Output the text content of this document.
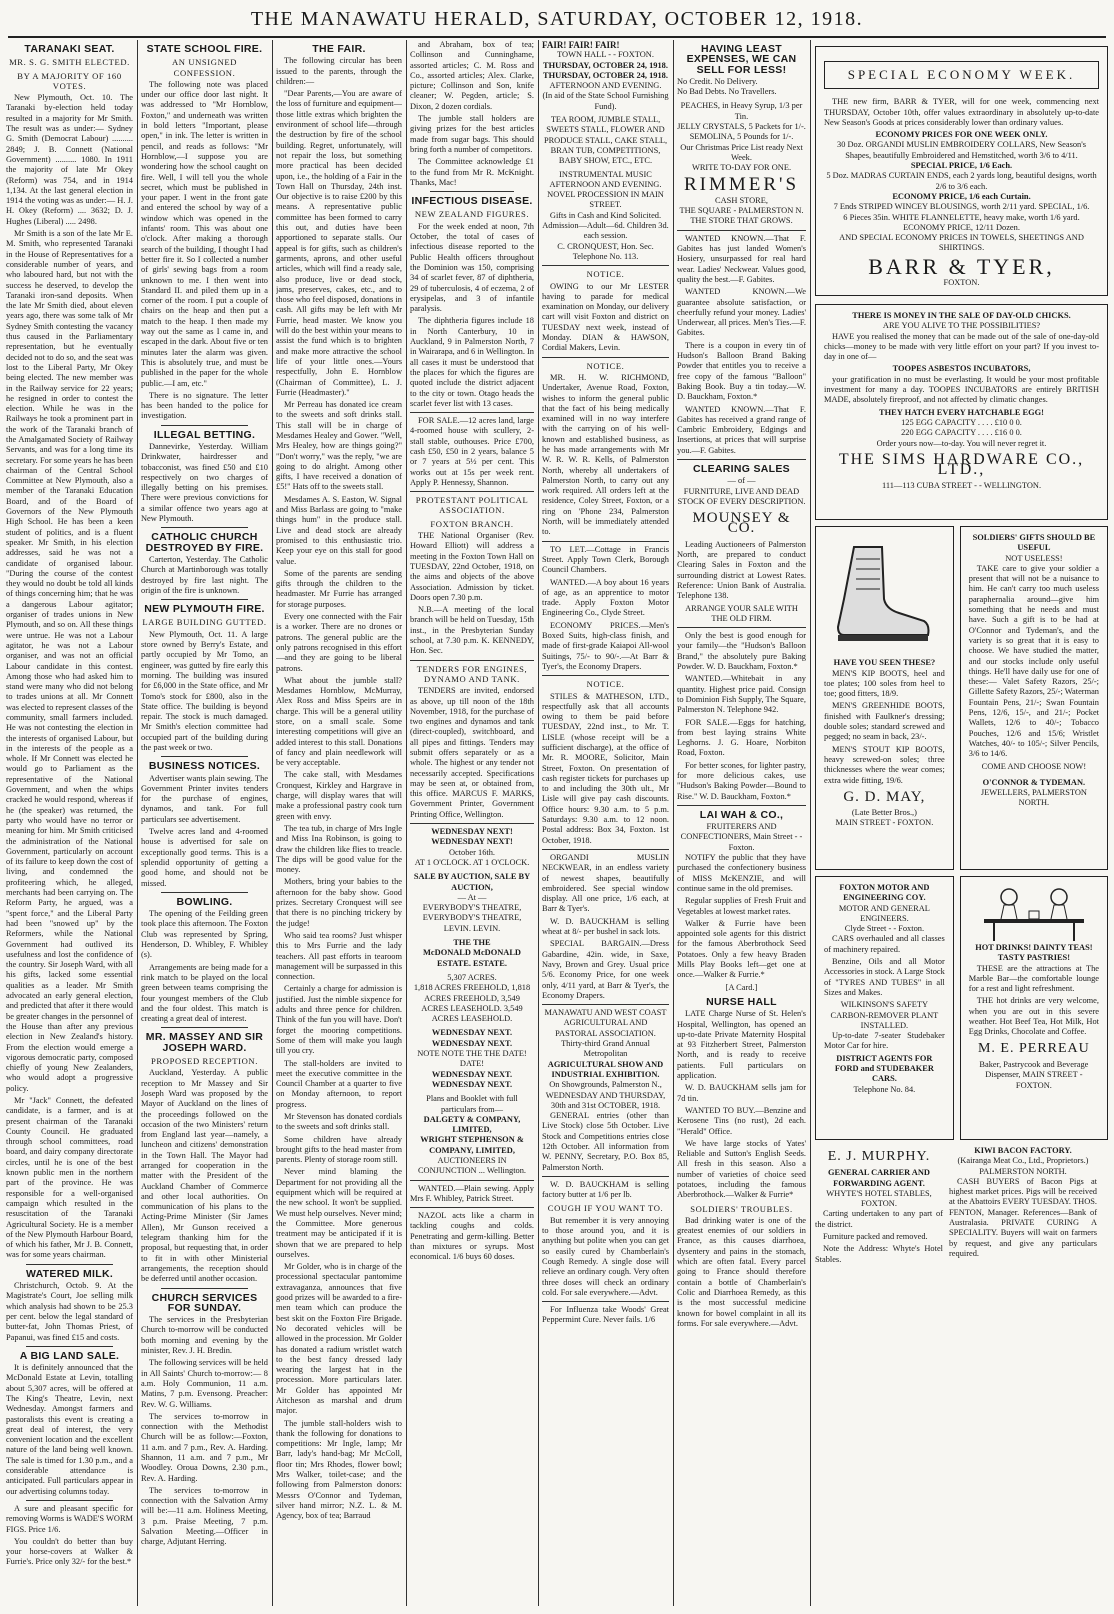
THE MANAWATU HERALD, SATURDAY, OCTOBER 12, 1918.
TARANAKI SEAT.
MR. S. G. SMITH ELECTED.
BY A MAJORITY OF 160 VOTES.

New Plymouth, Oct. 10. The Taranaki by-election held today resulted in a majority for Mr Smith. The result was as under:— Sydney G. Smith (Democrat Labour) .......... 2849; J. B. Connett (National Government) .......... 1080. In 1911 the majority of late Mr Okey (Reform) was 754, and in 1914 1,134. At the last general election in 1914 the voting was as under:— H. J. H. Okey (Reform) .... 3632; D. J. Hughes (Liberal) ..... 2498.

Mr Smith is a son of the late Mr E. M. Smith, who represented Taranaki in the House of Representatives for a considerable number of years, and who laboured hard, but not with the success he deserved, to develop the Taranaki iron-sand deposits. When the late Mr Smith died, about eleven years ago, there was some talk of Mr Sydney Smith contesting the vacancy thus caused in the Parliamentary representation, but he eventually decided not to do so, and the seat was lost to the Liberal Party, Mr Okey being elected. The new member was in the Railway service for 22 years; he resigned in order to contest the election. While he was in the Railways he took a prominent part in the work of the Taranaki branch of the Amalgamated Society of Railway Servants, and was for a long time its secretary. For some years he has been chairman of the Central School Committee at New Plymouth, also a member of the Taranaki Education Board, and of the Board of Governors of the New Plymouth High School. He has been a keen student of politics, and is a fluent speaker. Mr Smith, in his election addresses, said he was not a candidate of organised labour. "During the course of the contest they would no doubt be told all kinds of things concerning him; that he was a dangerous Labour agitator; organiser of trades unions in New Plymouth, and so on. All these things were untrue. He was not a Labour agitator, he was not a Labour organiser, and was not an official Labour candidate in this contest. Among those who had asked him to stand were many who did not belong to trades unions at all. Mr Connett was elected to represent classes of the community, small farmers included. He was not contesting the election in the interests of organised Labour, but in the interests of the people as a whole. If Mr Connett was elected he would go to Parliament as the representative of the National Government, and when the whips cracked he would respond, whereas if he (the speaker) was returned, the party who would have no terror or meaning for him. Mr Smith criticised the administration of the National Government, particularly on account of its failure to keep down the cost of living, and condemned the profiteering which, he alleged, merchants had been carrying on. The Reform Party, he argued, was a "spent force," and the Liberal Party had been "snowed up" by the Reformers, while the National Government had outlived its usefulness and lost the confidence of the country. Sir Joseph Ward, with all his gifts, lacked some essential qualities as a leader. Mr Smith advocated an early general election, and predicted that after it there would be greater changes in the personnel of the House than after any previous election in New Zealand's history. From the election would emerge a vigorous democratic party, composed chiefly of young New Zealanders, who would adopt a progressive policy.

Mr "Jack" Connett, the defeated candidate, is a farmer, and is at present chairman of the Taranaki County Council. He graduated through school committees, road board, and dairy company directorate circles, until he is one of the best known public men in the northern part of the province. He was responsible for a well-organised campaign which resulted in the resuscitation of the Taranaki Agricultural Society. He is a member of the New Plymouth Harbour Board, of which his father, Mr J. B. Connett, was for some years chairman.

WATERED MILK.

Christchurch, Octob. 9. At the Magistrate's Court, Joe selling milk which analysis had shown to be 25.3 per cent. below the legal standard of butter-fat, John Thomas Priest, of Papanui, was fined £15 and costs.

A BIG LAND SALE.

It is definitely announced that the McDonald Estate at Levin, totalling about 5,307 acres, will be offered at The King's Theatre, Levin, next Wednesday. Amongst farmers and pastoralists this event is creating a great deal of interest, the very convenient location and the excellent nature of the land being well known. The sale is timed for 1.30 p.m., and a considerable attendance is anticipated. Full particulars appear in our advertising columns today.

A sure and pleasant specific for removing Worms is WADE'S WORM FIGS. Price 1/6.

You couldn't do better than buy your horse-covers at Walker & Furrie's. Price only 32/- for the best.*

STATE SCHOOL FIRE.
AN UNSIGNED CONFESSION.

The following note was placed under our office door last night. It was addressed to "Mr Hornblow, Foxton," and underneath was written in bold letters "Important, please open," in ink. The letter is written in pencil, and reads as follows: "Mr Hornblow,—I suppose you are wondering how the school caught on fire. Well, I will tell you the whole secret, which must be published in your paper. I went in the front gate and entered the school by way of a window which was opened in the infants' room. This was about one o'clock. After making a thorough search of the building, I thought I had better fire it. So I collected a number of girls' sewing bags from a room unknown to me. I then went into Standard II. and piled them up in a corner of the room. I put a couple of chairs on the heap and then put a match to the heap. I then made my way out the same as I came in, and escaped in the dark. About five or ten minutes later the alarm was given. This is absolutely true, and must be published in the paper for the whole public.—I am, etc."

There is no signature. The letter has been handed to the police for investigation.

ILLEGAL BETTING.

Dannevirke, Yesterday. William Drinkwater, hairdresser and tobacconist, was fined £50 and £10 respectively on two charges of illegally betting on his premises. There were previous convictions for a similar offence two years ago at New Plymouth.

CATHOLIC CHURCH DESTROYED BY FIRE.

Carterton, Yesterday. The Catholic Church at Martinborough was totally destroyed by fire last night. The origin of the fire is unknown.

NEW PLYMOUTH FIRE.
LARGE BUILDING GUTTED.

New Plymouth, Oct. 11. A large store owned by Berry's Estate, and partly occupied by Mr Tomo, an engineer, was gutted by fire early this morning. The building was insured for £6,000 in the State office, and Mr Tomo's stock for £800, also in the State office. The building is beyond repair. The stock is much damaged. Mr Smith's election committee had occupied part of the building during the past week or two.

BUSINESS NOTICES.

Advertiser wants plain sewing. The Government Printer invites tenders for the purchase of engines, dynamos, and tank. For full particulars see advertisement.

Twelve acres land and 4-roomed house is advertised for sale on exceptionally good terms. This is a splendid opportunity of getting a good home, and should not be missed.

BOWLING.

The opening of the Feilding green took place this afternoon. The Foxton Club was represented by Spring, Henderson, D. Whibley, F. Whibley (s).

Arrangements are being made for a rink match to be played on the local green between teams comprising the four youngest members of the Club and the four oldest. This match is creating a great deal of interest.

MR. MASSEY AND SIR JOSEPH WARD.
PROPOSED RECEPTION.

Auckland, Yesterday. A public reception to Mr Massey and Sir Joseph Ward was proposed by the Mayor of Auckland on the lines of the proceedings followed on the occasion of the two Ministers' return from England last year—namely, a luncheon and citizens' demonstration in the Town Hall. The Mayor had arranged for cooperation in the matter with the President of the Auckland Chamber of Commerce and other local authorities. On communication of his plans to the Acting-Prime Minister (Sir James Allen), Mr Gunson received a telegram thanking him for the proposal, but requesting that, in order to fit in with other Ministerial arrangements, the reception should be deferred until another occasion.

CHURCH SERVICES FOR SUNDAY.

The services in the Presbyterian Church to-morrow will be conducted both morning and evening by the minister, Rev. J. H. Bredin.

The following services will be held in All Saints' Church to-morrow:— 8 a.m. Holy Communion, 11 a.m. Matins, 7 p.m. Evensong. Preacher: Rev. W. G. Williams.

The services to-morrow in connection with the Methodist Church will be as follow:—Foxton, 11 a.m. and 7 p.m., Rev. A. Harding. Shannon, 11 a.m. and 7 p.m., Mr Woodley. Oroua Downs, 2.30 p.m., Rev. A. Harding.

The services to-morrow in connection with the Salvation Army will be:—11 a.m. Holiness Meeting, 3 p.m. Praise Meeting, 7 p.m. Salvation Meeting.—Officer in charge, Adjutant Herring.

THE FAIR.

The following circular has been issued to the parents, through the children:—

"Dear Parents,—You are aware of the loss of furniture and equipment—those little extras which brighten the environment of school life—through the destruction by fire of the school building. Regret, unfortunately, will not repair the loss, but something more practical has been decided upon, i.e., the holding of a Fair in the Town Hall on Thursday, 24th inst. Our objective is to raise £200 by this means. A representative public committee has been formed to carry this out, and duties have been apportioned to separate stalls. Our appeal is for gifts, such as children's garments, aprons, and other useful articles, which will find a ready sale, also produce, live or dead stock, jams, preserves, cakes, etc., and to those who feel disposed, donations in cash. All gifts may be left with Mr Furrie, head master. We know you will do the best within your means to assist the fund which is to brighten and make more attractive the school life of your little ones.—Yours respectfully, John E. Hornblow (Chairman of Committee), L. J. Furrie (Headmaster)."

Mr Perreau has donated ice cream to the sweets and soft drinks stall. This stall will be in charge of Mesdames Healey and Gower. "Well, Mrs Healey, how are things going?" "Don't worry," was the reply, "we are going to do alright. Among other gifts, I have received a donation of £5!" Hats off to the sweets stall.

Mesdames A. S. Easton, W. Signal and Miss Barlass are going to "make things hum" in the produce stall. Live and dead stock are already promised to this enthusiastic trio. Keep your eye on this stall for good value.

Some of the parents are sending gifts through the children to the headmaster. Mr Furrie has arranged for storage purposes.

Every one connected with the Fair is a worker. There are no drones or patrons. The general public are the only patrons recognised in this effort—and they are going to be liberal patrons.

What about the jumble stall? Mesdames Hornblow, McMurray, Alex Ross and Miss Speirs are in charge. This will be a general utility store, on a small scale. Some interesting competitions will give an added interest to this stall. Donations of fancy and plain needlework will be very acceptable.

The cake stall, with Mesdames Cronquest, Kirkley and Hargrave in charge, will display wares that will make a professional pastry cook turn green with envy.

The tea tub, in charge of Mrs Ingle and Miss Ina Robinson, is going to draw the children like flies to treacle. The dips will be good value for the money.

Mothers, bring your babies to the afternoon for the baby show. Good prizes. Secretary Cronquest will see that there is no pinching trickery by the judge!

Who said tea rooms? Just whisper this to Mrs Furrie and the lady teachers. All past efforts in tearoom management will be surpassed in this connection.

Certainly a charge for admission is justified. Just the nimble sixpence for adults and three pence for children. Think of the fun you will have. Don't forget the mooring competitions. Some of them will make you laugh till you cry.

The stall-holders are invited to meet the executive committee in the Council Chamber at a quarter to five on Monday afternoon, to report progress.

Mr Stevenson has donated cordials to the sweets and soft drinks stall.

Some children have already brought gifts to the head master from parents. Plenty of storage room still.

Never mind blaming the Department for not providing all the equipment which will be required at the new school. It won't be supplied. We must help ourselves. Never mind; the Committee. More generous treatment may be anticipated if it is shown that we are prepared to help ourselves.

Mr Golder, who is in charge of the processional spectacular pantomime extravaganza, announces that five good prizes will be awarded to a fire-men team which can produce the best skit on the Foxton Fire Brigade. No decorated vehicles will be allowed in the procession. Mr Golder has donated a radium wristlet watch to the best fancy dressed lady wearing the largest hat in the procession. More particulars later. Mr Golder has appointed Mr Aitcheson as marshal and drum major.

The jumble stall-holders wish to thank the following for donations to competitions: Mr Ingle, lamp; Mr Barr, lady's hand-bag; Mr McColl, floor tin; Mrs Rhodes, flower bowl; Mrs Walker, toilet-case; and the following from Palmerston donors: Messrs O'Connor and Tydeman, silver hand mirror; N.Z. L. & M. Agency, box of tea; Barraud

and Abraham, box of tea; Collinson and Cunninghame, assorted articles; C. M. Ross and Co., assorted articles; Alex. Clarke, picture; Collinson and Son, knife cleaner; W. Pegden, article; S. Dixon, 2 dozen cordials.

The jumble stall holders are giving prizes for the best articles made from sugar bags. This should bring forth a number of competitors.

The Committee acknowledge £1 to the fund from Mr R. McKnight. Thanks, Mac!

INFECTIOUS DISEASE.
NEW ZEALAND FIGURES.

For the week ended at noon, 7th October, the total of cases of infectious disease reported to the Public Health officers throughout the Dominion was 150, comprising 34 of scarlet fever, 87 of diphtheria, 29 of tuberculosis, 4 of eczema, 2 of erysipelas, and 3 of infantile paralysis.

The diphtheria figures include 18 in North Canterbury, 10 in Auckland, 9 in Palmerston North, 7 in Wairarapa, and 6 in Wellington. In all cases it must be understood that the places for which the figures are quoted include the district adjacent to the city or town. Otago heads the scarlet fever list with 13 cases.

FOR SALE.—12 acres land, large 4-roomed house with scullery, 2-stall stable, outhouses. Price £700, cash £50, £50 in 2 years, balance 5 or 7 years at 5½ per cent. This works out at 15s per week rent. Apply P. Hennessy, Shannon.

PROTESTANT POLITICAL ASSOCIATION.
FOXTON BRANCH.

THE National Organiser (Rev. Howard Elliott) will address a meeting in the Foxton Town Hall on TUESDAY, 22nd October, 1918, on the aims and objects of the above Association. Admission by ticket. Doors open 7.30 p.m.

N.B.—A meeting of the local branch will be held on Tuesday, 15th inst., in the Presbyterian Sunday school, at 7.30 p.m. K. KENNEDY, Hon. Sec.

TENDERS FOR ENGINES, DYNAMO AND TANK.

TENDERS are invited, endorsed as above, up till noon of the 18th November, 1918, for the purchase of two engines and dynamos and tank (direct-coupled), switchboard, and all pipes and fittings. Tenders may submit offers separately or as a whole. The highest or any tender not necessarily accepted. Specifications may be seen at, or obtained from, this office. MARCUS F. MARKS, Government Printer, Government Printing Office, Wellington.

WEDNESDAY NEXT! WEDNESDAY NEXT!
October 16th.
AT 1 O'CLOCK. AT 1 O'CLOCK.
SALE BY AUCTION, SALE BY AUCTION,
— At —
EVERYBODY'S THEATRE, EVERYBODY'S THEATRE,
LEVIN. LEVIN.
THE THE
McDONALD McDONALD
ESTATE. ESTATE.
5,307 ACRES.
1,818 ACRES FREEHOLD, 1,818 ACRES FREEHOLD, 3,549 ACRES LEASEHOLD. 3,549 ACRES LEASEHOLD.
WEDNESDAY NEXT. WEDNESDAY NEXT.
NOTE NOTE THE THE DATE! DATE!
WEDNESDAY NEXT. WEDNESDAY NEXT.
Plans and Booklet with full particulars from—
DALGETY & COMPANY, LIMITED,
WRIGHT STEPHENSON & COMPANY, LIMITED,
AUCTIONEERS IN CONJUNCTION ... Wellington.

WANTED.—Plain sewing. Apply Mrs F. Whibley, Patrick Street.

NAZOL acts like a charm in tackling coughs and colds. Penetrating and germ-killing. Better than mixtures or syrups. Most economical. 1/6 buys 60 doses.

FAIR! FAIR! FAIR!
TOWN HALL - - FOXTON.
THURSDAY, OCTOBER 24, 1918. THURSDAY, OCTOBER 24, 1918.
AFTERNOON AND EVENING.
(In aid of the State School Furnishing Fund).
TEA ROOM, JUMBLE STALL, SWEETS STALL, FLOWER AND PRODUCE STALL, CAKE STALL, BRAN TUB, COMPETITIONS, BABY SHOW, ETC., ETC.
INSTRUMENTAL MUSIC AFTERNOON AND EVENING.
NOVEL PROCESSION IN MAIN STREET.
Gifts in Cash and Kind Solicited.
Admission—Adult—6d. Children 3d. each session.
C. CRONQUEST, Hon. Sec. Telephone No. 113.
NOTICE.

OWING to our Mr LESTER having to parade for medical examination on Monday, our delivery cart will visit Foxton and district on TUESDAY next week, instead of Monday. DIAN & HAWSON, Cordial Makers, Levin.

NOTICE.

MR. H. W. RICHMOND, Undertaker, Avenue Road, Foxton, wishes to inform the general public that the fact of his being medically examined will in no way interfere with the carrying on of his well-known and established business, as he has made arrangements with Mr W. R. W. R. Kells, of Palmerston North, whereby all undertakers of Palmerston North, to carry out any work required. All orders left at the residence, Coley Street, Foxton, or a ring on 'Phone 234, Palmerston North, will be immediately attended to.

TO LET.—Cottage in Francis Street. Apply Town Clerk, Borough Council Chambers.

WANTED.—A boy about 16 years of age, as an apprentice to motor trade. Apply Foxton Motor Engineering Co., Clyde Street.

ECONOMY PRICES.—Men's Boxed Suits, high-class finish, and made of first-grade Kaiapoi All-wool Suitings, 75/- to 90/-.—At Barr & Tyer's, the Economy Drapers.

NOTICE.

STILES & MATHESON, LTD., respectfully ask that all accounts owing to them be paid before TUESDAY, 22nd inst., to Mr. T. LISLE (whose receipt will be a sufficient discharge), at the office of Mr. R. MOORE, Solicitor, Main Street, Foxton. On presentation of cash register tickets for purchases up to and including the 30th ult., Mr Lisle will give pay cash discounts. Office hours: 9.30 a.m. to 5 p.m. Saturdays: 9.30 a.m. to 12 noon. Postal address: Box 34, Foxton. 1st October, 1918.

ORGANDI MUSLIN NECKWEAR, in an endless variety of newest shapes, beautifully embroidered. See special window display. All one price, 1/6 each, at Barr & Tyer's.

W. D. BAUCKHAM is selling wheat at 8/- per bushel in sack lots.

SPECIAL BARGAIN.—Dress Gabardine, 42in. wide, in Saxe, Navy, Brown and Grey. Usual price 5/6. Economy Price, for one week only, 4/11 yard, at Barr & Tyer's, the Economy Drapers.

MANAWATU AND WEST COAST AGRICULTURAL AND PASTORAL ASSOCIATION.
Thirty-third Grand Annual Metropolitan
AGRICULTURAL SHOW AND INDUSTRIAL EXHIBITION.
On Showgrounds, Palmerston N., WEDNESDAY AND THURSDAY, 30th and 31st OCTOBER, 1918.

GENERAL entries (other than Live Stock) close 5th October. Live Stock and Competitions entries close 12th October. All information from W. PENNY, Secretary, P.O. Box 85, Palmerston North.

W. D. BAUCKHAM is selling factory butter at 1/6 per lb.

COUGH IF YOU WANT TO.

But remember it is very annoying to those around you, and it is anything but polite when you can get so easily cured by Chamberlain's Cough Remedy. A single dose will relieve an ordinary cough. Very often three doses will check an ordinary cold. For sale everywhere.—Advt.

For Influenza take Woods' Great Peppermint Cure. Never fails. 1/6

HAVING LEAST EXPENSES, WE CAN SELL FOR LESS!
No Credit. No Delivery.
No Bad Debts. No Travellers.
PEACHES, in Heavy Syrup, 1/3 per Tin.
JELLY CRYSTALS, 5 Packets for 1/-.
SEMOLINA, 5 Pounds for 1/-.
Our Christmas Price List ready Next Week.
WRITE TO-DAY FOR ONE.
RIMMER'S
CASH STORE,
THE SQUARE - PALMERSTON N.
THE STORE THAT GROWS.

WANTED KNOWN.—That F. Gabites has just landed Women's Hosiery, unsurpassed for real hard wear. Ladies' Neckwear. Values good, quality the best.—F. Gabites.

WANTED KNOWN.—We guarantee absolute satisfaction, or cheerfully refund your money. Ladies' Underwear, all prices. Men's Ties.—F. Gabites.

There is a coupon in every tin of Hudson's Balloon Brand Baking Powder that entitles you to receive a free copy of the famous "Balloon" Baking Book. Buy a tin today.—W. D. Bauckham, Foxton.*

WANTED KNOWN.—That F. Gabites has received a grand range of Cambric Embroidery, Edgings and Insertions, at prices that will surprise you.—F. Gabites.

CLEARING SALES
— of —
FURNITURE, LIVE AND DEAD STOCK OF EVERY DESCRIPTION.
MOUNSEY & CO.

Leading Auctioneers of Palmerston North, are prepared to conduct Clearing Sales in Foxton and the surrounding district at Lowest Rates. Reference: Union Bank of Australia. Telephone 138.

ARRANGE YOUR SALE WITH THE OLD FIRM.

Only the best is good enough for your family—the "Hudson's Balloon Brand," the absolutely pure Baking Powder. W. D. Bauckham, Foxton.*

WANTED.—Whitebait in any quantity. Highest price paid. Consign to Dominion Fish Supply, The Square, Palmerston N. Telephone 942.

FOR SALE.—Eggs for hatching, from best laying strains White Leghorns. J. G. Hoare, Norbiton Road, Foxton.

For better scones, for lighter pastry, for more delicious cakes, use "Hudson's Baking Powder—Bound to Rise." W. D. Bauckham, Foxton.*

LAI WAH & CO.,
FRUITERERS AND CONFECTIONERS, Main Street - - Foxton.

NOTIFY the public that they have purchased the confectionery business of MISS McKENZIE, and will continue same in the old premises.

Regular supplies of Fresh Fruit and Vegetables at lowest market rates.

Walker & Furrie have been appointed sole agents for this district for the famous Aberbrothock Seed Potatoes. Only a few heavy Braden Mills Play Books left—get one at once.—Walker & Furrie.*

[A Card.]
NURSE HALL

LATE Charge Nurse of St. Helen's Hospital, Wellington, has opened an up-to-date Private Maternity Hospital at 93 Fitzherbert Street, Palmerston North, and is ready to receive patients. Full particulars on application.

W. D. BAUCKHAM sells jam for 7d tin.

WANTED TO BUY.—Benzine and Kerosene Tins (no rust), 2d each. "Herald" Office.

We have large stocks of Yates' Reliable and Sutton's English Seeds. All fresh in this season. Also a number of varieties of choice seed potatoes, including the famous Aberbrothock.—Walker & Furrie*

SOLDIERS' TROUBLES.

Bad drinking water is one of the greatest enemies of our soldiers in France, as this causes diarrhoea, dysentery and pains in the stomach, which are often fatal. Every parcel going to France should therefore contain a bottle of Chamberlain's Colic and Diarrhoea Remedy, as this is the most successful medicine known for bowel complaint in all its forms. For sale everywhere.—Advt.

SPECIAL ECONOMY WEEK.

THE new firm, BARR & TYER, will for one week, commencing next THURSDAY, October 10th, offer values extraordinary in absolutely up-to-date New Season's Goods at prices considerably lower than ordinary values.

ECONOMY PRICES FOR ONE WEEK ONLY.
30 Doz. ORGANDI MUSLIN EMBROIDERY COLLARS, New Season's Shapes, beautifully Embroidered and Hemstitched, worth 3/6 to 4/11.
SPECIAL PRICE, 1/6 Each.
5 Doz. MADRAS CURTAIN ENDS, each 2 yards long, beautiful designs, worth 2/6 to 3/6 each.
ECONOMY PRICE, 1/6 each Curtain.
7 Ends STRIPED WINCEY BLOUSINGS, worth 2/11 yard. SPECIAL, 1/6.
6 Pieces 35in. WHITE FLANNELETTE, heavy make, worth 1/6 yard. ECONOMY PRICE, 12/11 Dozen.
AND SPECIAL ECONOMY PRICES IN TOWELS, SHEETINGS AND SHIRTINGS.
BARR & TYER,
FOXTON.
THERE IS MONEY IN THE SALE OF DAY-OLD CHICKS.
ARE YOU ALIVE TO THE POSSIBILITIES?

HAVE you realised the money that can be made out of the sale of one-day-old chicks—money to be made with very little effort on your part? If you invest to-day in one of—

TOOPES ASBESTOS INCUBATORS,

your gratification in no must be everlasting. It would be your most profitable investment for many a day. TOOPES INCUBATORS are entirely BRITISH MADE, absolutely fireproof, and not affected by climatic changes.

THEY HATCH EVERY HATCHABLE EGG!
125 EGG CAPACITY . . . . £10 0 0.
220 EGG CAPACITY . . . . £16 0 0.
Order yours now—to-day. You will never regret it.
THE SIMS HARDWARE CO., LTD.,
111—113 CUBA STREET - - WELLINGTON.
HAVE YOU SEEN THESE?

MEN'S KIP BOOTS, heel and toe plates; 100 soles from heel to toe; good fitters, 18/9.

MEN'S GREENHIDE BOOTS, finished with Faulkner's dressing; double soles; standard screwed and pegged; no seam in back, 23/-.

MEN'S STOUT KIP BOOTS, heavy screwed-on soles; three thicknesses where the wear comes; extra wide fitting, 19/6.

G. D. MAY,
(Late Better Bros.,)
MAIN STREET - FOXTON.
SOLDIERS' GIFTS SHOULD BE USEFUL
NOT USELESS!

TAKE care to give your soldier a present that will not be a nuisance to him. He can't carry too much useless paraphernalia around—give him something that he needs and must have. Such a gift is to be had at O'Connor and Tydeman's, and the variety is so great that it is easy to choose. We have studied the matter, and our stocks include only useful things. He'll have daily use for one of these:— Valet Safety Razors, 25/-; Gillette Safety Razors, 25/-; Waterman Fountain Pens, 21/-; Swan Fountain Pens, 12/6, 15/-, and 21/-; Pocket Wallets, 12/6 to 40/-; Tobacco Pouches, 12/6 and 15/6; Wristlet Watches, 40/- to 105/-; Silver Pencils, 3/6 to 14/6.

COME AND CHOOSE NOW!
O'CONNOR & TYDEMAN.
JEWELLERS, PALMERSTON NORTH.
FOXTON MOTOR AND ENGINEERING COY.
MOTOR AND GENERAL ENGINEERS.
Clyde Street - - Foxton.

CARS overhauled and all classes of machinery repaired.

Benzine, Oils and all Motor Accessories in stock. A Large Stock of "TYRES AND TUBES" in all Sizes and Makes.

WILKINSON'S SAFETY CARBON-REMOVER PLANT INSTALLED.

Up-to-date 7-seater Studebaker Motor Car for hire.

DISTRICT AGENTS FOR FORD and STUDEBAKER CARS.
Telephone No. 84.
HOT DRINKS! DAINTY TEAS! TASTY PASTRIES!

THESE are the attractions at The Marble Bar—the comfortable lounge for a rest and light refreshment.

THE hot drinks are very welcome, when you are out in this severe weather. Hot Beef Tea, Hot Milk, Hot Egg Drinks, Chocolate and Coffee.

M. E. PERREAU
Baker, Pastrycook and Beverage Dispenser, MAIN STREET - FOXTON.
E. J. MURPHY.
GENERAL CARRIER AND FORWARDING AGENT.
WHYTE'S HOTEL STABLES, FOXTON.

Carting undertaken to any part of the district.

Furniture packed and removed.

Note the Address: Whyte's Hotel Stables.

KIWI BACON FACTORY.
(Kairanga Meat Co., Ltd., Proprietors.) PALMERSTON NORTH.

CASH BUYERS of Bacon Pigs at highest market prices. Pigs will be received at the Abattoirs EVERY TUESDAY. THOS. FENTON, Manager. References—Bank of Australasia. PRIVATE CURING A SPECIALITY. Buyers will wait on farmers by request, and give any particulars required.
